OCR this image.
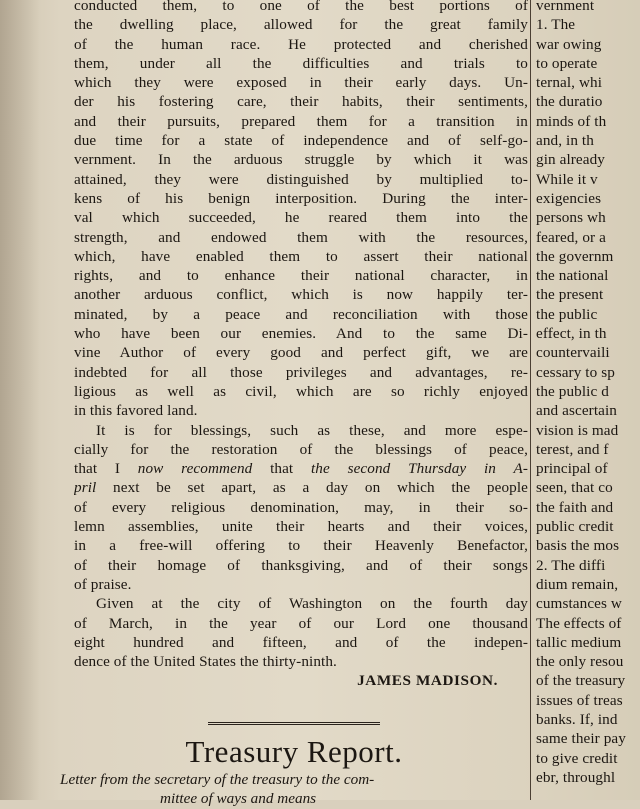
conducted them, to one of the best portions of
the dwelling place, allowed for the great family
of the human race. He protected and cherished
them, under all the difficulties and trials to
which they were exposed in their early days. Un-
der his fostering care, their habits, their sentiments,
and their pursuits, prepared them for a transition in
due time for a state of independence and of self-go-
vernment. In the arduous struggle by which it was
attained, they were distinguished by multiplied to-
kens of his benign interposition. During the inter-
val which succeeded, he reared them into the
strength, and endowed them with the resources,
which, have enabled them to assert their national
rights, and to enhance their national character, in
another arduous conflict, which is now happily ter-
minated, by a peace and reconciliation with those
who have been our enemies. And to the same Di-
vine Author of every good and perfect gift, we are
indebted for all those privileges and advantages, re-
ligious as well as civil, which are so richly enjoyed
in this favored land.
It is for blessings, such as these, and more espe-
cially for the restoration of the blessings of peace,
that I now recommend that the second Thursday in A-
pril next be set apart, as a day on which the people
of every religious denomination, may, in their so-
lemn assemblies, unite their hearts and their voices,
in a free-will offering to their Heavenly Benefactor,
of their homage of thanksgiving, and of their songs
of praise.
Given at the city of Washington on the fourth day
of March, in the year of our Lord one thousand
eight hundred and fifteen, and of the indepen-
dence of the United States the thirty-ninth.
JAMES MADISON.
Treasury Report.
Letter from the secretary of the treasury to the com-
mittee of ways and means
vernment
1. The
war owing
to operate
ternal, whi
the duratio
minds of th
and, in th
gin already
While it v
exigencies
persons wh
feared, or a
the governm
the national
the present
the public
effect, in th
countervaili
cessary to sp
the public d
and ascertain
vision is mad
terest, and f
principal of
seen, that co
the faith and
public credit
basis the mos
2. The diffi
dium remain,
cumstances w
The effects of
tallic medium
the only resou
of the treasury
issues of treas
banks. If, ind
same their pay
to give credit
ebr, throughl
